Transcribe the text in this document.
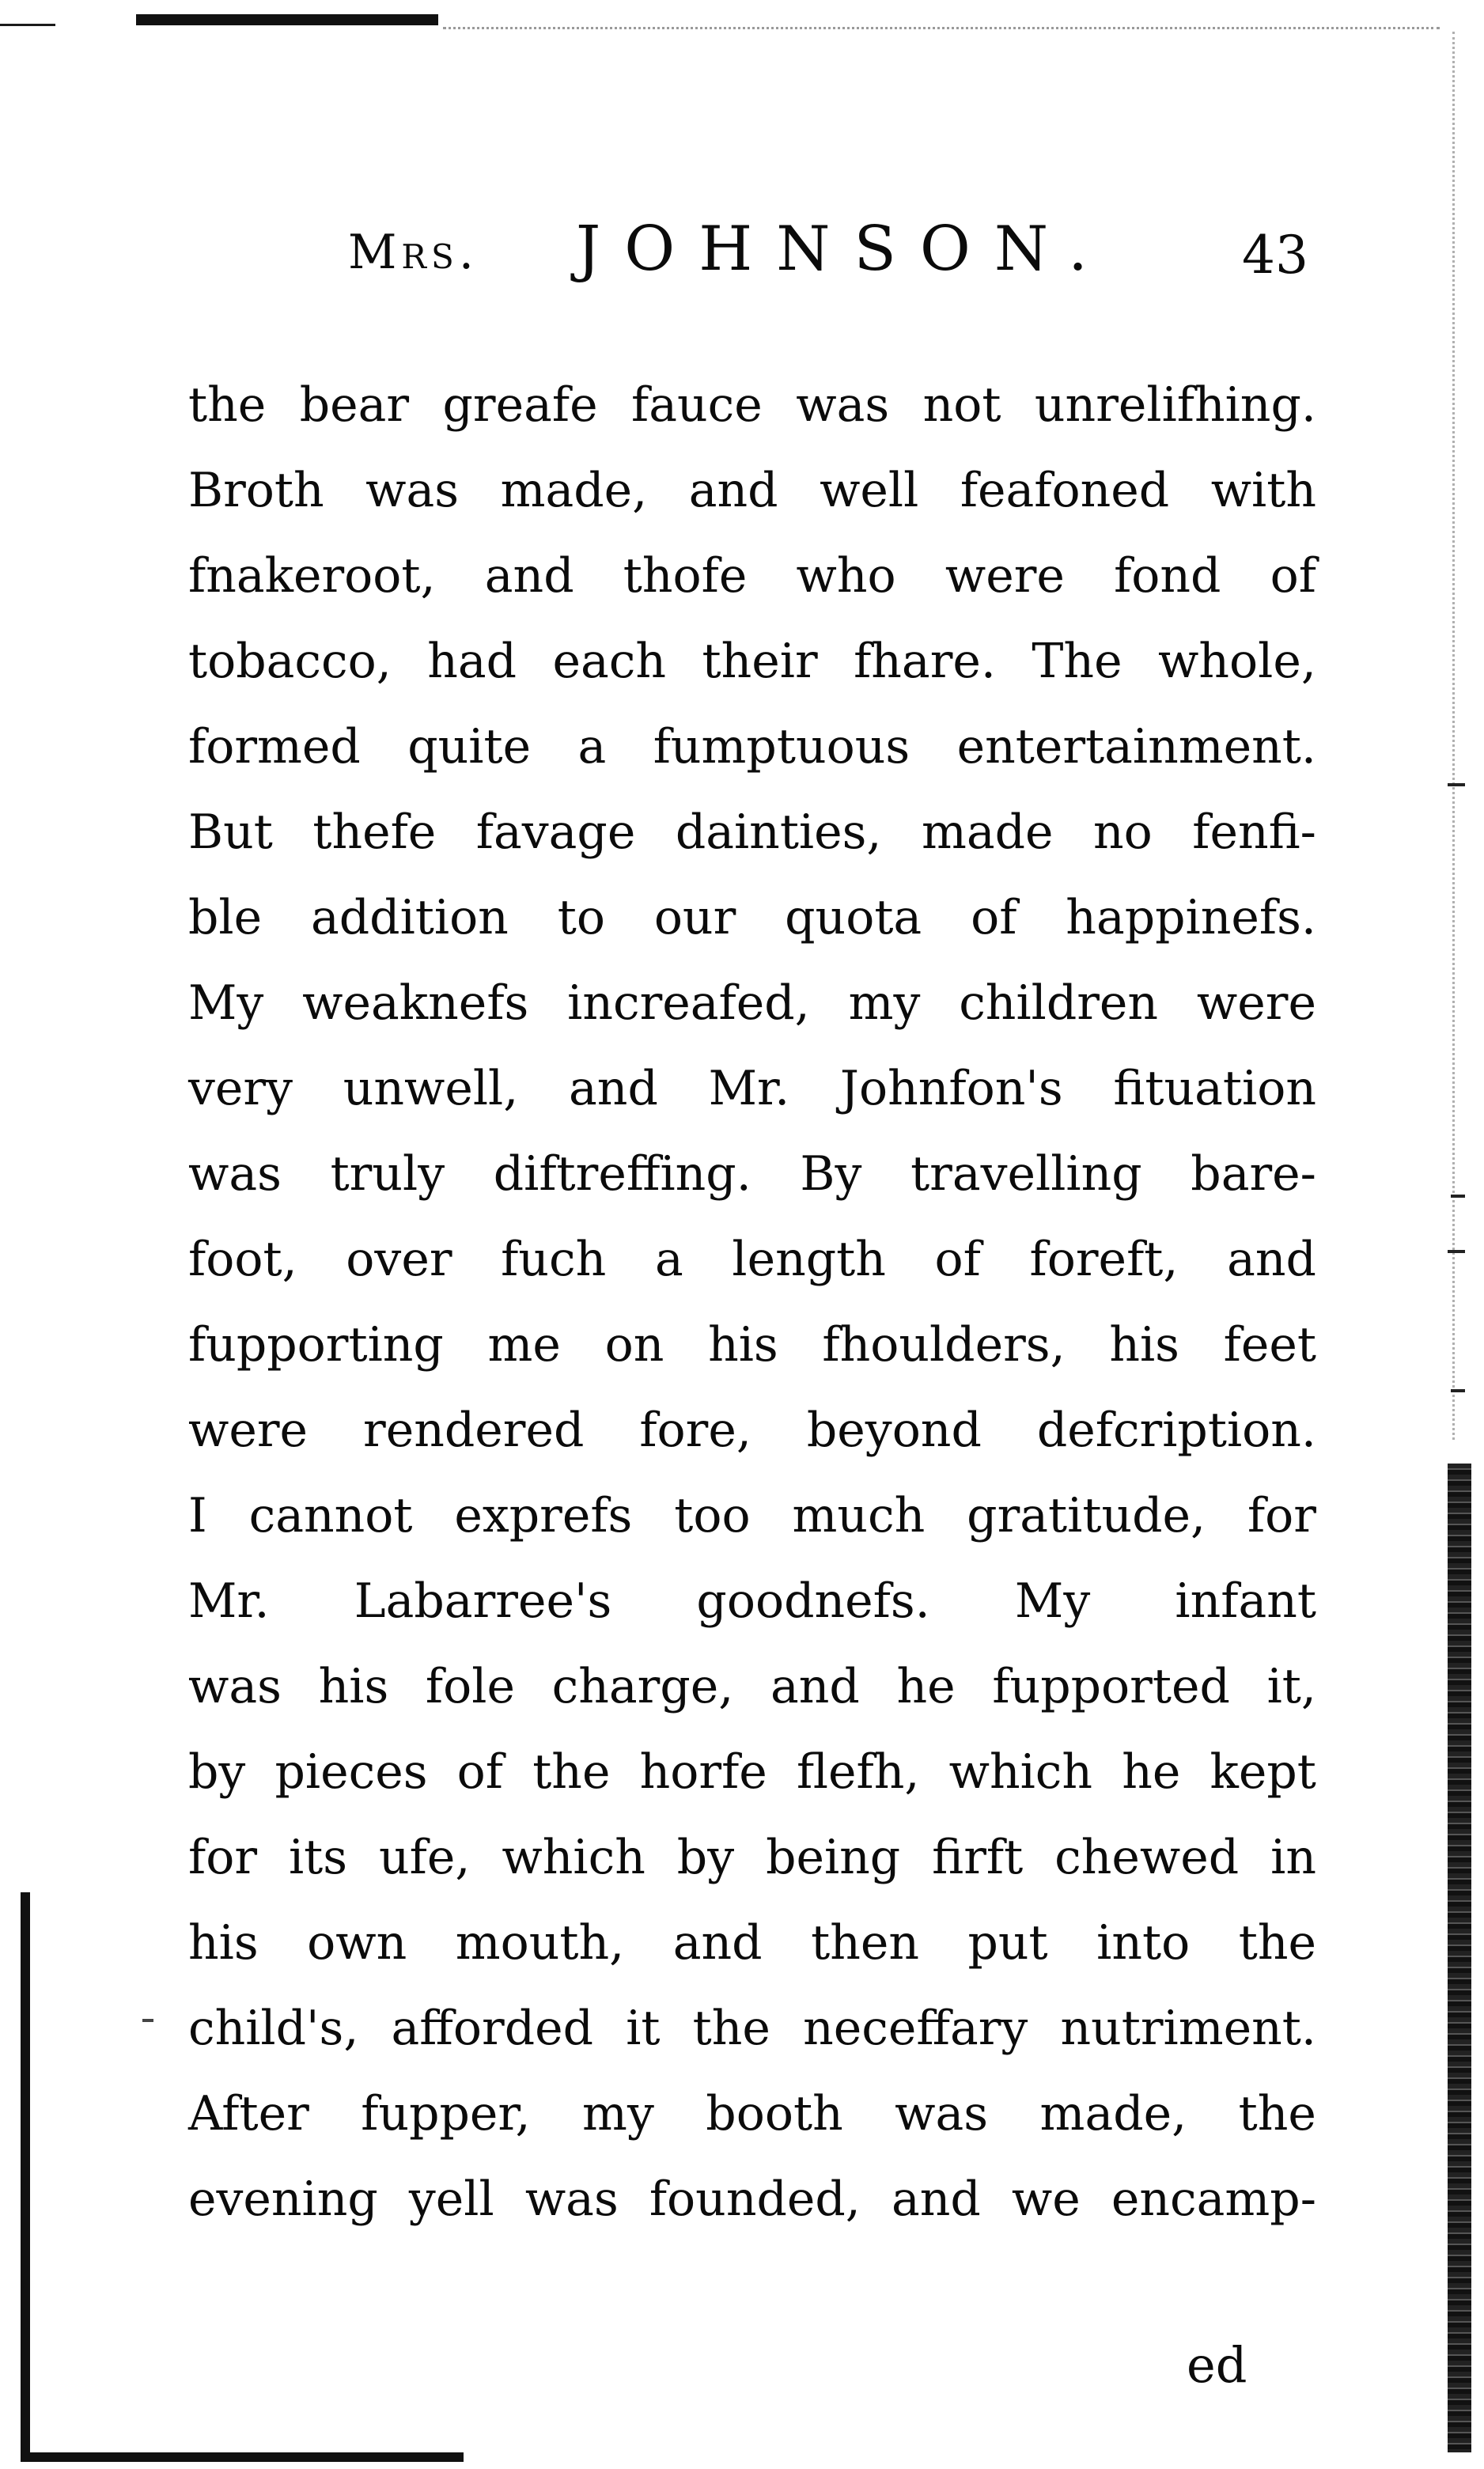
Mrs. JOHNSON.	43
the bear greafe fauce was not unrelifhing.
Broth was made, and well feafoned with
fnakeroot, and thofe who were fond of
tobacco, had each their fhare. The whole,
formed quite a fumptuous entertainment.
But thefe favage dainties, made no fenfi-
ble addition to our quota of happinefs.
My weaknefs increafed, my children were
very unwell, and Mr. Johnfon's fituation
was truly diftreffing. By travelling bare-
foot, over fuch a length of foreft, and
fupporting me on his fhoulders, his feet
were rendered fore, beyond defcription.
I cannot exprefs too much gratitude, for
Mr. Labarree's goodnefs. My infant
was his fole charge, and he fupported it,
by pieces of the horfe flefh, which he kept
for its ufe, which by being firft chewed in
his own mouth, and then put into the
child's, afforded it the neceffary nutriment.
After fupper, my booth was made, the
evening yell was founded, and we encamp-
ed
